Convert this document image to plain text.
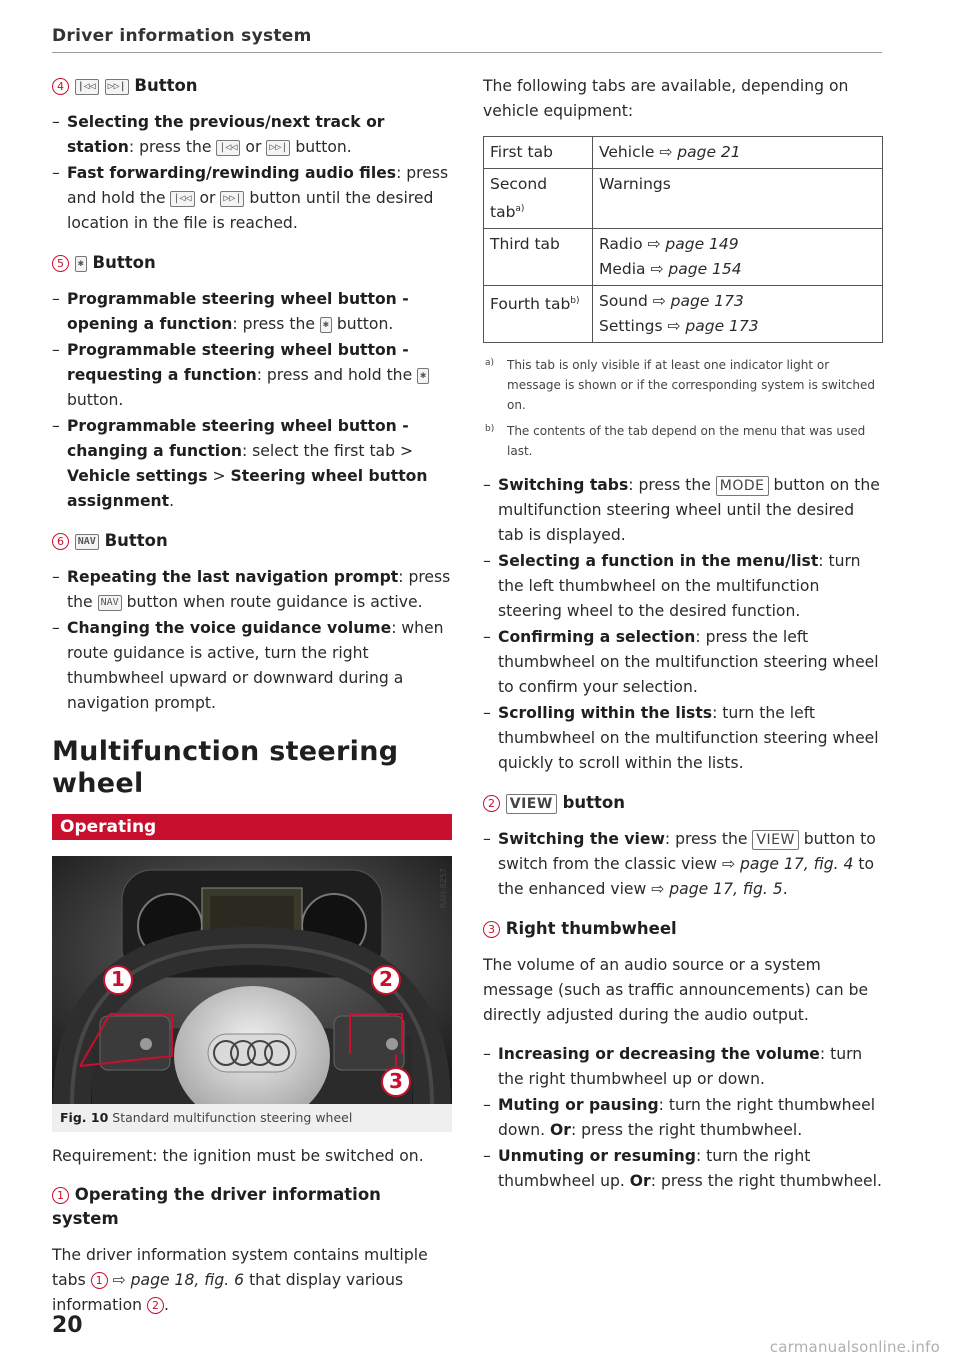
Driver information system
4 |◁◁ ▷▷| Button
– Selecting the previous/next track or station: press the |◁◁ or ▷▷| button.
– Fast forwarding/rewinding audio files: press and hold the |◁◁ or ▷▷| button until the desired location in the file is reached.
5 ✱ Button
– Programmable steering wheel button - opening a function: press the ✱ button.
– Programmable steering wheel button - requesting a function: press and hold the ✱ button.
– Programmable steering wheel button - changing a function: select the first tab > Vehicle settings > Steering wheel button assignment.
6 NAV Button
– Repeating the last navigation prompt: press the NAV button when route guidance is active.
– Changing the voice guidance volume: when route guidance is active, turn the right thumbwheel upward or downward during a navigation prompt.
Multifunction steering wheel
Operating
1	2
3
RAH-8257
Fig. 10 Standard multifunction steering wheel

Requirement: the ignition must be switched on.

1 Operating the driver information system

The driver information system contains multiple tabs 1 ⇨ page 18, fig. 6 that display various information 2 .

The following tabs are available, depending on vehicle equipment:

First tab	Vehicle ⇨ page 21
Second tab$^{a)}$	Warnings
Third tab	Radio ⇨ page 149
Media ⇨ page 154
Fourth tab$^{b)}$	Sound ⇨ page 173
Settings ⇨ page 173
a) This tab is only visible if at least one indicator light or message is shown or if the corresponding system is switched on.
b) The contents of the tab depend on the menu that was used last.
– Switching tabs: press the MODE button on the multifunction steering wheel until the desired tab is displayed.
– Selecting a function in the menu/list: turn the left thumbwheel on the multifunction steering wheel to the desired function.
– Confirming a selection: press the left thumbwheel on the multifunction steering wheel to confirm your selection.
– Scrolling within the lists: turn the left thumbwheel on the multifunction steering wheel quickly to scroll within the lists.
2 VIEW button
– Switching the view: press the VIEW button to switch from the classic view ⇨ page 17, fig. 4 to the enhanced view ⇨ page 17, fig. 5.
3 Right thumbwheel

The volume of an audio source or a system message (such as traffic announcements) can be directly adjusted during the audio output.

– Increasing or decreasing the volume: turn the right thumbwheel up or down.
– Muting or pausing: turn the right thumbwheel down. Or: press the right thumbwheel.
– Unmuting or resuming: turn the right thumbwheel up. Or: press the right thumbwheel.
20
carmanualsonline.info
